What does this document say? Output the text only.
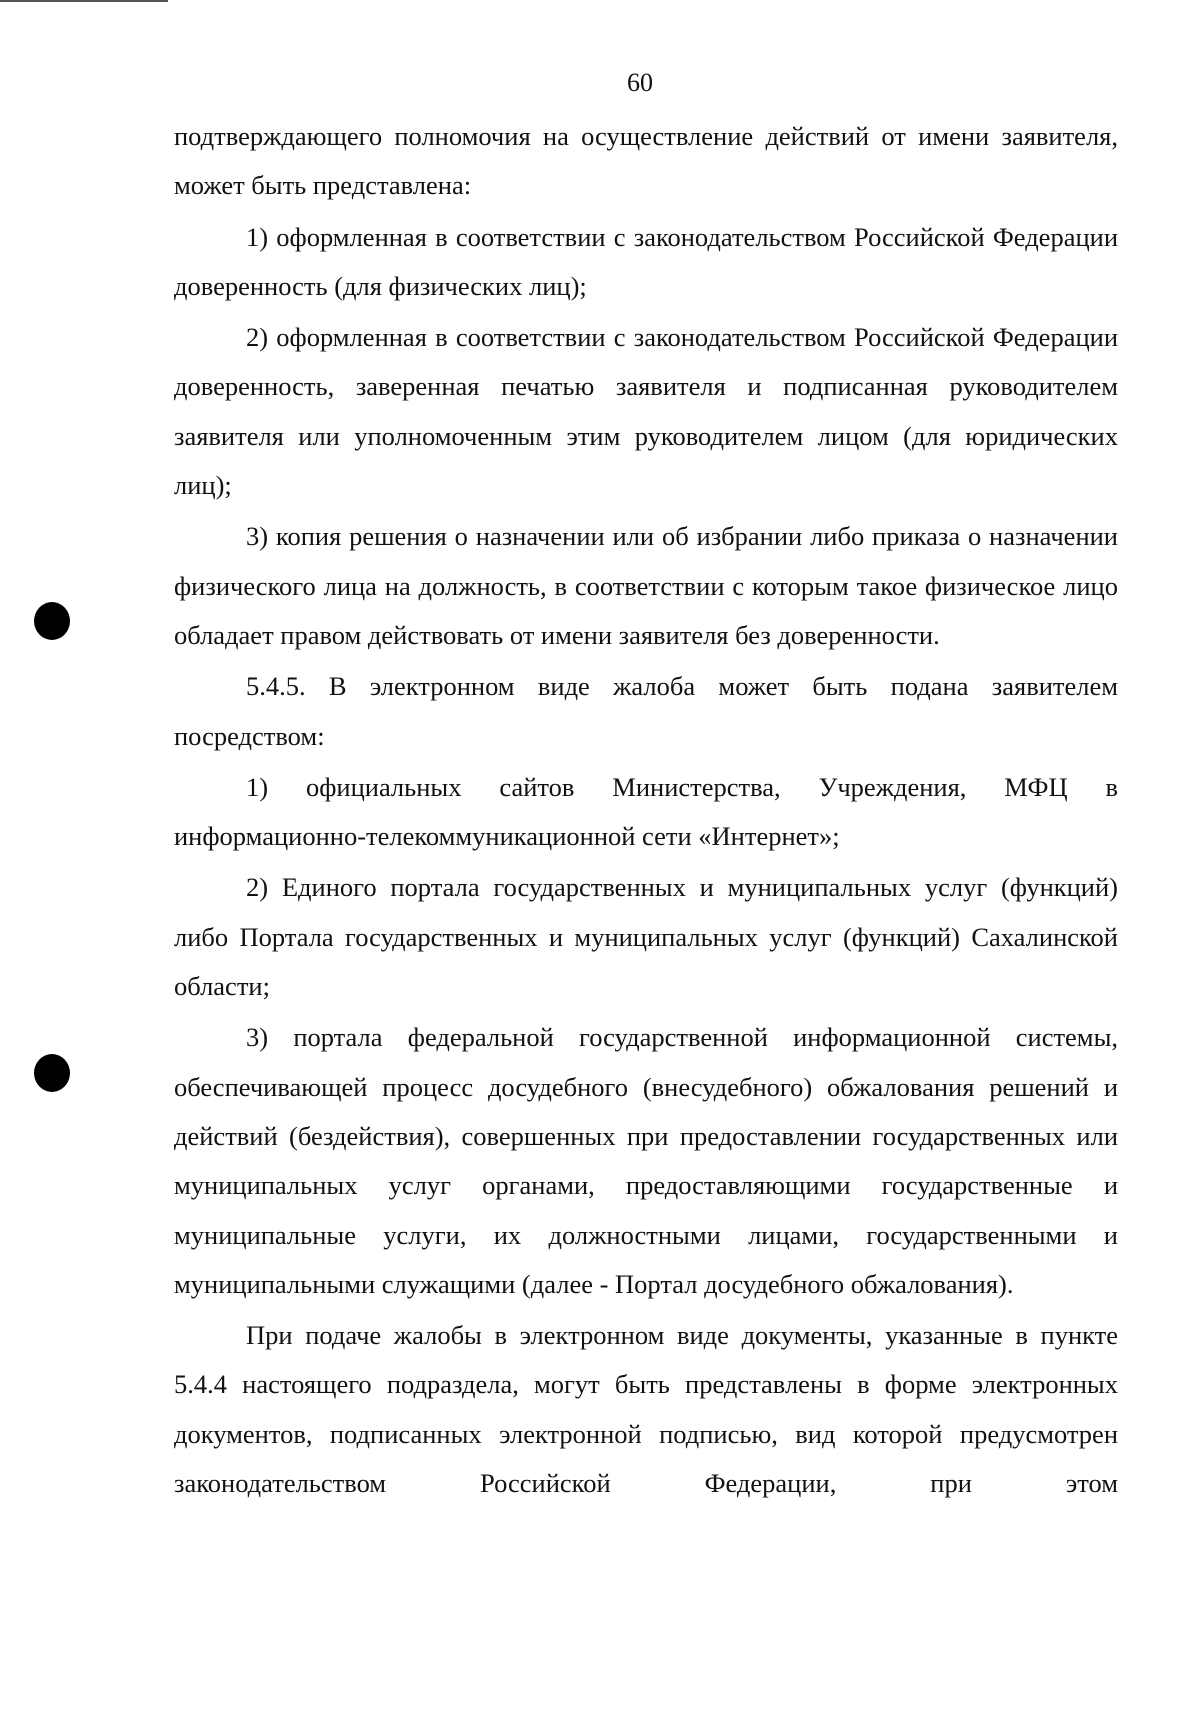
60

подтверждающего полномочия на осуществление действий от имени заявителя, может быть представлена:

1) оформленная в соответствии с законодательством Российской Федерации доверенность (для физических лиц);

2) оформленная в соответствии с законодательством Российской Федерации доверенность, заверенная печатью заявителя и подписанная руководителем заявителя или уполномоченным этим руководителем лицом (для юридических лиц);

3) копия решения о назначении или об избрании либо приказа о назначении физического лица на должность, в соответствии с которым такое физическое лицо обладает правом действовать от имени заявителя без доверенности.

5.4.5. В электронном виде жалоба может быть подана заявителем посредством:

1) официальных сайтов Министерства, Учреждения, МФЦ в информационно-телекоммуникационной сети «Интернет»;

2) Единого портала государственных и муниципальных услуг (функций) либо Портала государственных и муниципальных услуг (функций) Сахалинской области;

3) портала федеральной государственной информационной системы, обеспечивающей процесс досудебного (внесудебного) обжалования решений и действий (бездействия), совершенных при предоставлении государственных или муниципальных услуг органами, предоставляющими государственные и муниципальные услуги, их должностными лицами, государственными и муниципальными служащими (далее - Портал досудебного обжалования).

При подаче жалобы в электронном виде документы, указанные в пункте 5.4.4 настоящего подраздела, могут быть представлены в форме электронных документов, подписанных электронной подписью, вид которой предусмотрен законодательством Российской Федерации, при этом
